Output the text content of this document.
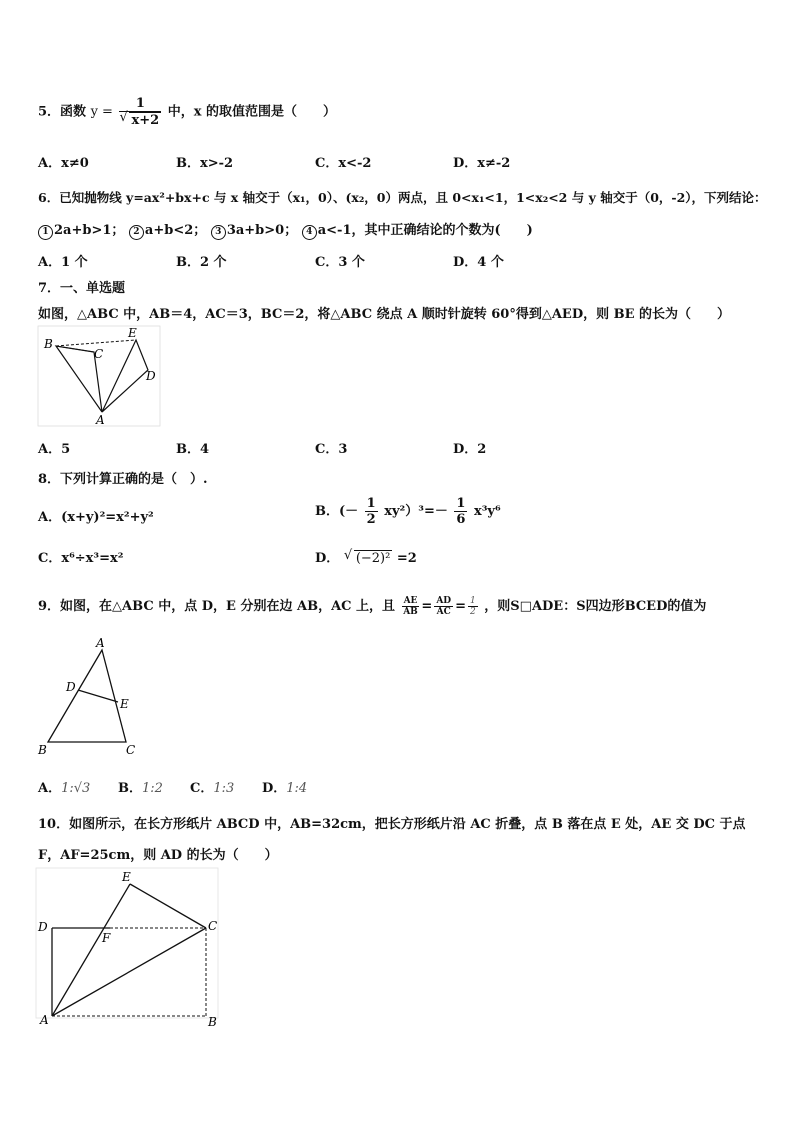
5．函数 y = 1
√ x+2 中，x 的取值范围是（　　）
A．x≠0	B．x>-2	C．x<-2	D．x≠-2
6．已知抛物线 y=ax²+bx+c 与 x 轴交于（x₁，0）、(x₂，0）两点，且 0<x₁<1，1<x₂<2 与 y 轴交于（0，-2），下列结论：
1 2a+b>1； 2 a+b<2； 3 3a+b>0； 4 a<-1，其中正确结论的个数为(　　)
A．1 个	B．2 个	C．3 个	D．4 个
7．一、单选题
如图，△ABC 中，AB＝4，AC＝3，BC＝2，将△ABC 绕点 A 顺时针旋转 60°得到△AED，则 BE 的长为（　　）
B
C
E
D
A
A．5	B．4	C．3	D．2
8．下列计算正确的是（　）.
A．(x+y)²=x²+y²	B．(－ $\frac{1}{2} xy^2)^3=- \frac{1}{6} x^3y^6$
C．x⁶÷x³=x²	D． √ (−2)² =2
9．如图，在△ABC 中，点 D，E 分别在边 AB，AC 上，且 $\frac{AE}{AB} = \frac{AD}{AC} = \frac{1}{2}$ ，则S□ADE：S四边形BCED的值为
A
D
E
B	C
A．1:√3 B．1:2 C．1:3 D．1:4
10．如图所示，在长方形纸片 ABCD 中，AB=32cm，把长方形纸片沿 AC 折叠，点 B 落在点 E 处，AE 交 DC 于点
F，AF=25cm，则 AD 的长为（　　）
E
D
F
C
A	B
